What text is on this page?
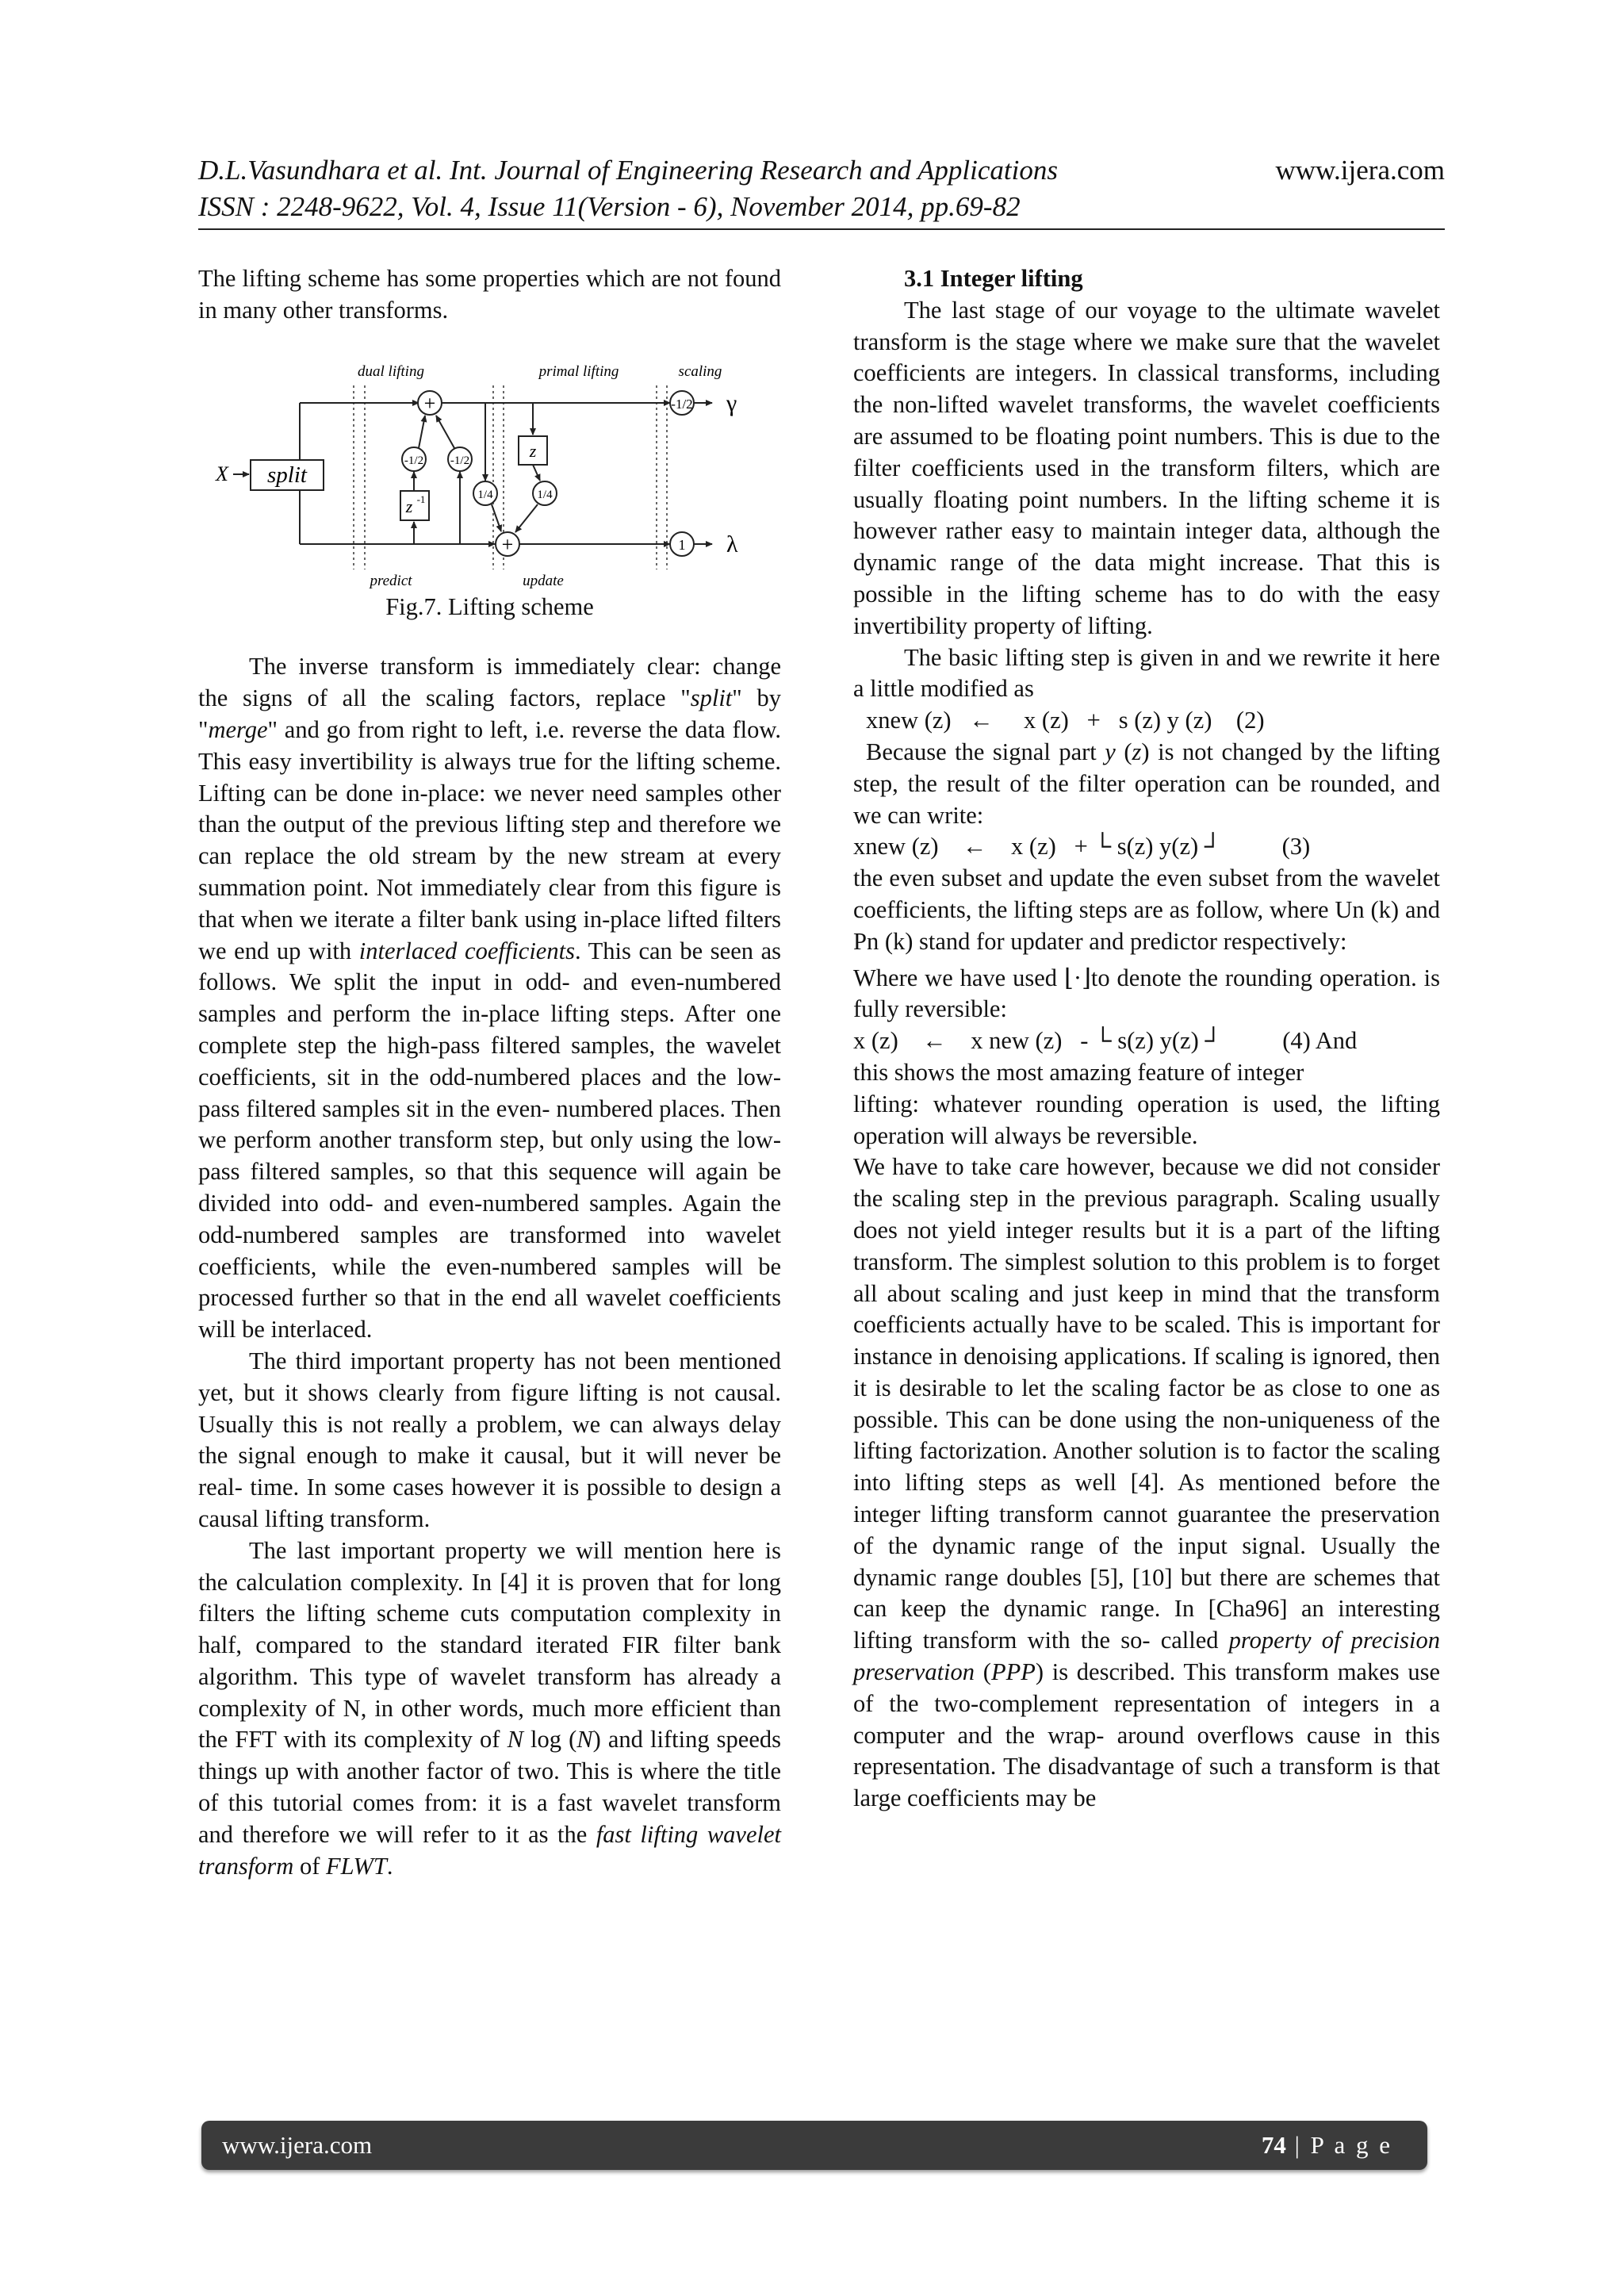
D.L.Vasundhara et al. Int. Journal of Engineering Research and Applications	www.ijera.com
ISSN : 2248-9622, Vol. 4, Issue 11(Version - 6), November 2014, pp.69-82

The lifting scheme has some properties which are not found in many other transforms.

dual lifting	primal lifting	scaling
X split
+	-1/2 γ
+	1 λ
z -1
-1/2 -1/2	z
1/4	1/4
predict	update

Fig.7. Lifting scheme

The inverse transform is immediately clear: change the signs of all the scaling factors, replace "split" by "merge" and go from right to left, i.e. reverse the data flow. This easy invertibility is always true for the lifting scheme. Lifting can be done in-place: we never need samples other than the output of the previous lifting step and therefore we can replace the old stream by the new stream at every summation point. Not immediately clear from this figure is that when we iterate a filter bank using in-place lifted filters we end up with interlaced coefficients. This can be seen as follows. We split the input in odd- and even-numbered samples and perform the in-place lifting steps. After one complete step the high-pass filtered samples, the wavelet coefficients, sit in the odd-numbered places and the low-pass filtered samples sit in the even- numbered places. Then we perform another transform step, but only using the low-pass filtered samples, so that this sequence will again be divided into odd- and even-numbered samples. Again the odd-numbered samples are transformed into wavelet coefficients, while the even-numbered samples will be processed further so that in the end all wavelet coefficients will be interlaced.

The third important property has not been mentioned yet, but it shows clearly from figure lifting is not causal. Usually this is not really a problem, we can always delay the signal enough to make it causal, but it will never be real- time. In some cases however it is possible to design a causal lifting transform.

The last important property we will mention here is the calculation complexity. In [4] it is proven that for long filters the lifting scheme cuts computation complexity in half, compared to the standard iterated FIR filter bank algorithm. This type of wavelet transform has already a complexity of N, in other words, much more efficient than the FFT with its complexity of N log (N) and lifting speeds things up with another factor of two. This is where the title of this tutorial comes from: it is a fast wavelet transform and therefore we will refer to it as the fast lifting wavelet transform of FLWT.

3.1 Integer lifting

The last stage of our voyage to the ultimate wavelet transform is the stage where we make sure that the wavelet coefficients are integers. In classical transforms, including the non-lifted wavelet transforms, the wavelet coefficients are assumed to be floating point numbers. This is due to the filter coefficients used in the transform filters, which are usually floating point numbers. In the lifting scheme it is however rather easy to maintain integer data, although the dynamic range of the data might increase. That this is possible in the lifting scheme has to do with the easy invertibility property of lifting.

The basic lifting step is given in and we rewrite it here a little modified as

xnew (z)   ←     x (z)   +   s (z) y (z)    (2)

Because the signal part y (z) is not changed by the lifting step, the result of the filter operation can be rounded, and we can write:

xnew (z)    ←    x (z)   + └ s(z) y(z) ┘          (3)

the even subset and update the even subset from the wavelet coefficients, the lifting steps are as follow, where Un (k) and Pn (k) stand for updater and predictor respectively:

Where we have used ⌊·⌋to denote the rounding operation. is fully reversible:

x (z)    ←    x new (z)   - └ s(z) y(z) ┘          (4) And

this shows the most amazing feature of integer

lifting: whatever rounding operation is used, the lifting operation will always be reversible.

We have to take care however, because we did not consider the scaling step in the previous paragraph. Scaling usually does not yield integer results but it is a part of the lifting transform. The simplest solution to this problem is to forget all about scaling and just keep in mind that the transform coefficients actually have to be scaled. This is important for instance in denoising applications. If scaling is ignored, then it is desirable to let the scaling factor be as close to one as possible. This can be done using the non-uniqueness of the lifting factorization. Another solution is to factor the scaling into lifting steps as well [4]. As mentioned before the integer lifting transform cannot guarantee the preservation of the dynamic range of the input signal. Usually the dynamic range doubles [5], [10] but there are schemes that can keep the dynamic range. In [Cha96] an interesting lifting transform with the so- called property of precision preservation (PPP) is described. This transform makes use of the two-complement representation of integers in a computer and the wrap- around overflows cause in this representation. The disadvantage of such a transform is that large coefficients may be

www.ijera.com	74 | P a g e
